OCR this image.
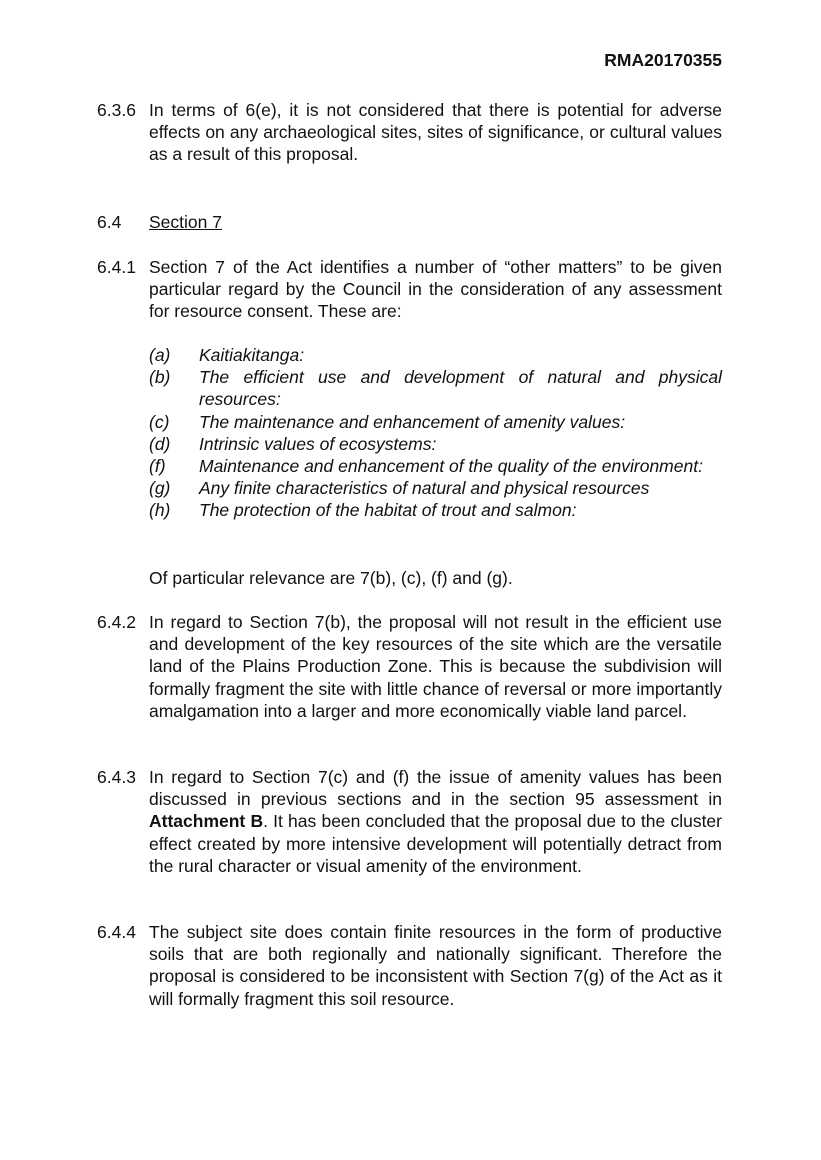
RMA20170355
6.3.6 In terms of 6(e), it is not considered that there is potential for adverse effects on any archaeological sites, sites of significance, or cultural values as a result of this proposal.
6.4 Section 7
6.4.1 Section 7 of the Act identifies a number of “other matters” to be given particular regard by the Council in the consideration of any assessment for resource consent. These are:
(a) Kaitiakitanga:
(b) The efficient use and development of natural and physical resources:
(c) The maintenance and enhancement of amenity values:
(d) Intrinsic values of ecosystems:
(f) Maintenance and enhancement of the quality of the environment:
(g) Any finite characteristics of natural and physical resources
(h) The protection of the habitat of trout and salmon:
Of particular relevance are 7(b), (c), (f) and (g).
6.4.2 In regard to Section 7(b), the proposal will not result in the efficient use and development of the key resources of the site which are the versatile land of the Plains Production Zone. This is because the subdivision will formally fragment the site with little chance of reversal or more importantly amalgamation into a larger and more economically viable land parcel.
6.4.3 In regard to Section 7(c) and (f) the issue of amenity values has been discussed in previous sections and in the section 95 assessment in Attachment B. It has been concluded that the proposal due to the cluster effect created by more intensive development will potentially detract from the rural character or visual amenity of the environment.
6.4.4 The subject site does contain finite resources in the form of productive soils that are both regionally and nationally significant. Therefore the proposal is considered to be inconsistent with Section 7(g) of the Act as it will formally fragment this soil resource.
